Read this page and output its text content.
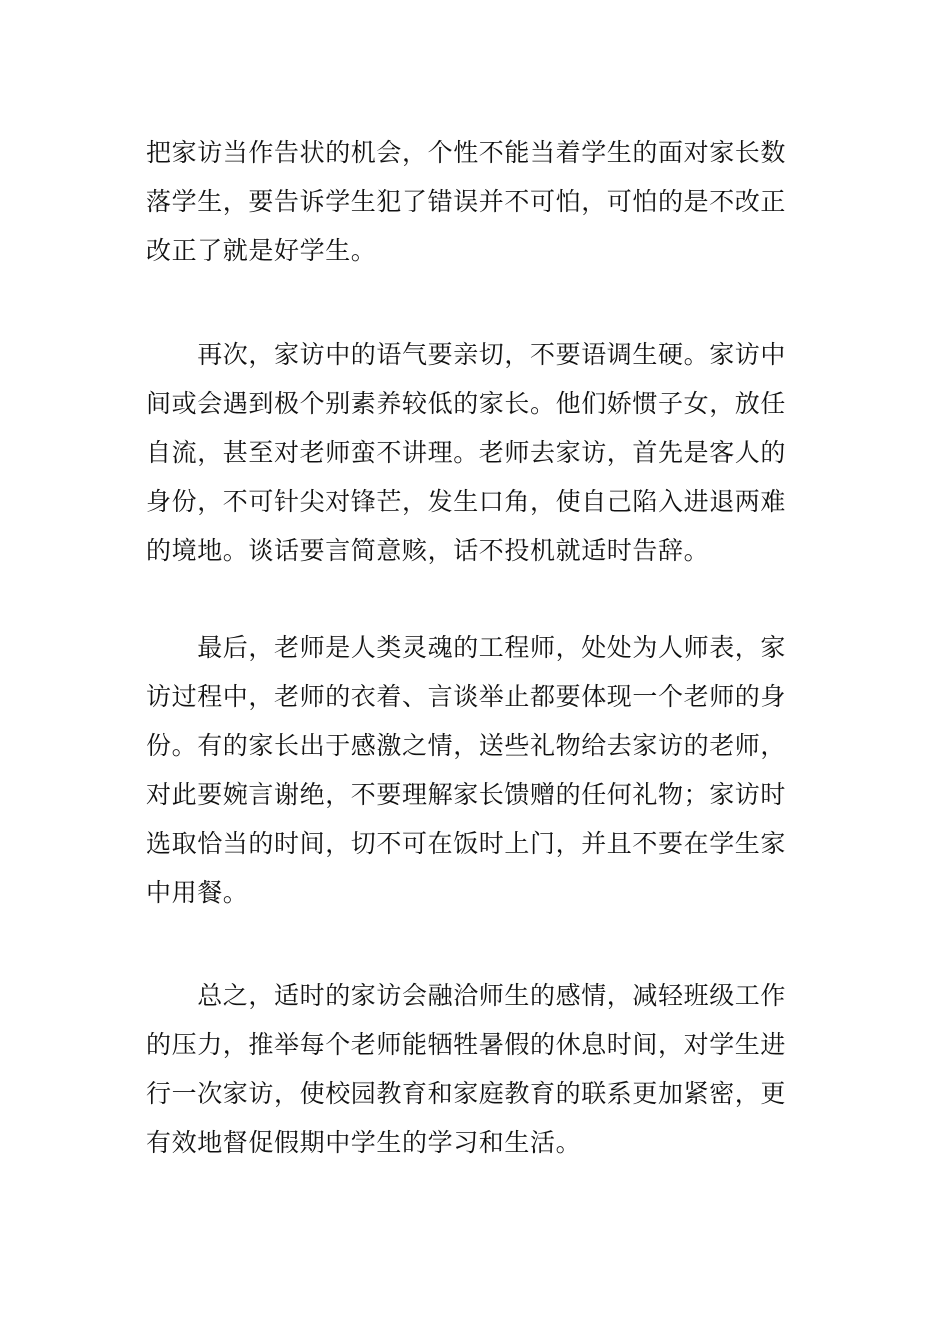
把家访当作告状的机会，个性不能当着学生的面对家长数
落学生，要告诉学生犯了错误并不可怕，可怕的是不改正
改正了就是好学生。
　　再次，家访中的语气要亲切，不要语调生硬。家访中
间或会遇到极个别素养较低的家长。他们娇惯子女，放任
自流，甚至对老师蛮不讲理。老师去家访，首先是客人的
身份，不可针尖对锋芒，发生口角，使自己陷入进退两难
的境地。谈话要言简意赅，话不投机就适时告辞。
　　最后，老师是人类灵魂的工程师，处处为人师表，家
访过程中，老师的衣着、言谈举止都要体现一个老师的身
份。有的家长出于感激之情，送些礼物给去家访的老师，
对此要婉言谢绝，不要理解家长馈赠的任何礼物；家访时
选取恰当的时间，切不可在饭时上门，并且不要在学生家
中用餐。
　　总之，适时的家访会融洽师生的感情，减轻班级工作
的压力，推举每个老师能牺牲暑假的休息时间，对学生进
行一次家访，使校园教育和家庭教育的联系更加紧密，更
有效地督促假期中学生的学习和生活。
